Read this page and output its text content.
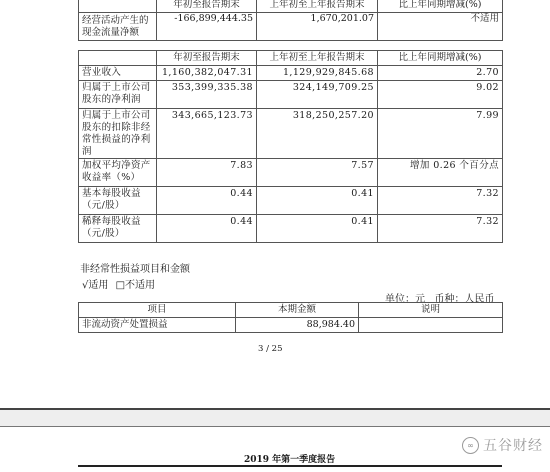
	年初至报告期末	上年初至上年报告期末	比上年同期增减(%)
经营活动产生的现金流量净额	-166,899,444.35	1,670,201.07	不适用
	年初至报告期末	上年初至上年报告期末	比上年同期增减(%)
营业收入	1,160,382,047.31	1,129,929,845.68	2.70
归属于上市公司股东的净利润	353,399,335.38	324,149,709.25	9.02
归属于上市公司股东的扣除非经常性损益的净利润	343,665,123.73	318,250,257.20	7.99
加权平均净资产收益率（%）	7.83	7.57	增加 0.26 个百分点
基本每股收益（元/股）	0.44	0.41	7.32
稀释每股收益（元/股）	0.44	0.41	7.32
非经常性损益项目和金额
√适用 □不适用
单位：元   币种：人民币
项目	本期金额	说明
非流动资产处置损益	88,984.40	
3 / 25
2019 年第一季度报告
∞ 五谷财经
